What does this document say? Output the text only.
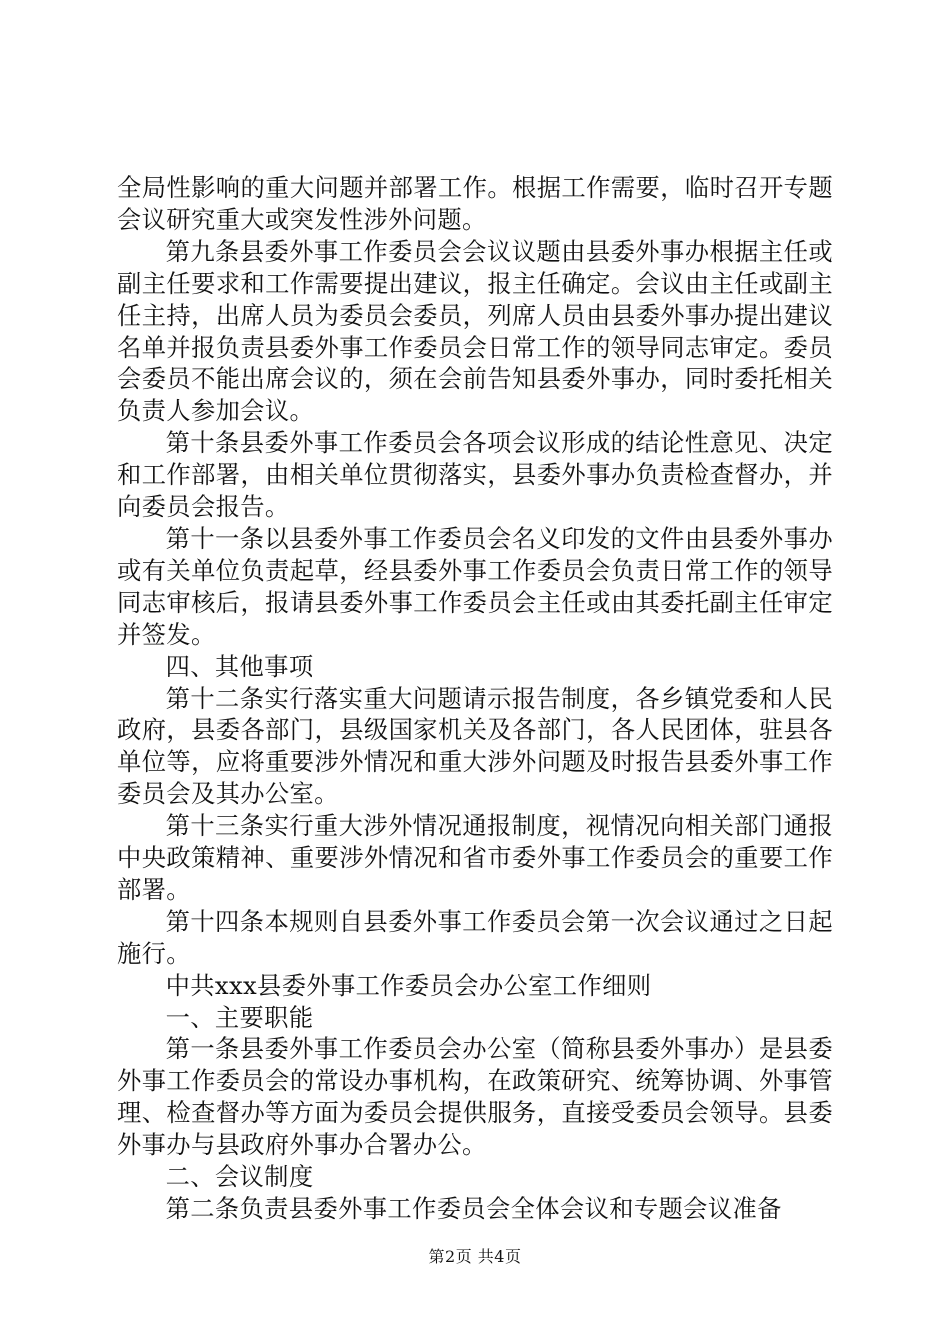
全局性影响的重大问题并部署工作。根据工作需要，临时召开专题会议研究重大或突发性涉外问题。

第九条县委外事工作委员会会议议题由县委外事办根据主任或副主任要求和工作需要提出建议，报主任确定。会议由主任或副主任主持，出席人员为委员会委员，列席人员由县委外事办提出建议名单并报负责县委外事工作委员会日常工作的领导同志审定。委员会委员不能出席会议的，须在会前告知县委外事办，同时委托相关负责人参加会议。

第十条县委外事工作委员会各项会议形成的结论性意见、决定和工作部署，由相关单位贯彻落实，县委外事办负责检查督办，并向委员会报告。

第十一条以县委外事工作委员会名义印发的文件由县委外事办或有关单位负责起草，经县委外事工作委员会负责日常工作的领导同志审核后，报请县委外事工作委员会主任或由其委托副主任审定并签发。

四、其他事项

第十二条实行落实重大问题请示报告制度，各乡镇党委和人民政府，县委各部门，县级国家机关及各部门，各人民团体，驻县各单位等，应将重要涉外情况和重大涉外问题及时报告县委外事工作委员会及其办公室。

第十三条实行重大涉外情况通报制度，视情况向相关部门通报中央政策精神、重要涉外情况和省市委外事工作委员会的重要工作部署。

第十四条本规则自县委外事工作委员会第一次会议通过之日起施行。

中共xxx县委外事工作委员会办公室工作细则

一、主要职能

第一条县委外事工作委员会办公室（简称县委外事办）是县委外事工作委员会的常设办事机构，在政策研究、统筹协调、外事管理、检查督办等方面为委员会提供服务，直接受委员会领导。县委外事办与县政府外事办合署办公。

二、会议制度

第二条负责县委外事工作委员会全体会议和专题会议准备

第2页 共4页
